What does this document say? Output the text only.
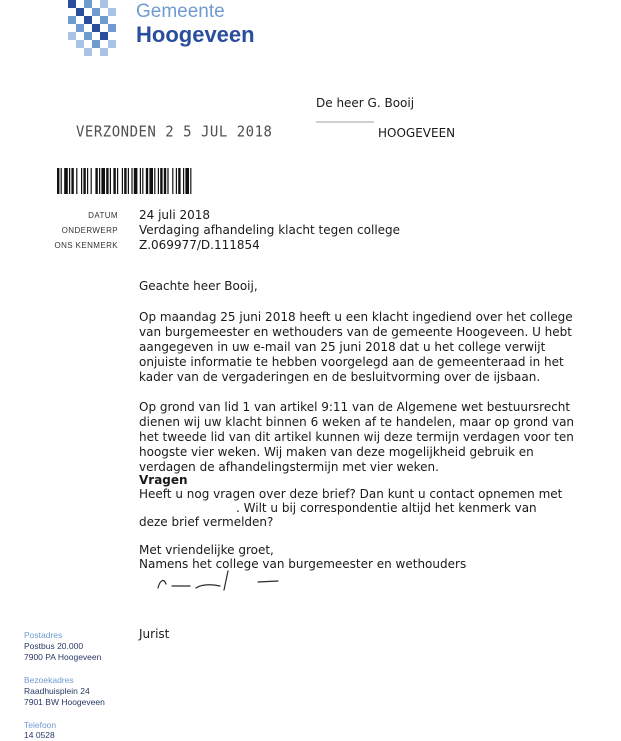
Gemeente
Hoogeveen
De heer G. Booij
HOOGEVEEN
VERZONDEN 2 5 JUL 2018
DATUM 24 juli 2018
ONDERWERP Verdaging afhandeling klacht tegen college
ONS KENMERK Z.069977/D.111854
Geachte heer Booij,
Op maandag 25 juni 2018 heeft u een klacht ingediend over het college
van burgemeester en wethouders van de gemeente Hoogeveen. U hebt
aangegeven in uw e-mail van 25 juni 2018 dat u het college verwijt
onjuiste informatie te hebben voorgelegd aan de gemeenteraad in het
kader van de vergaderingen en de besluitvorming over de ijsbaan.
Op grond van lid 1 van artikel 9:11 van de Algemene wet bestuursrecht
dienen wij uw klacht binnen 6 weken af te handelen, maar op grond van
het tweede lid van dit artikel kunnen wij deze termijn verdagen voor ten
hoogste vier weken. Wij maken van deze mogelijkheid gebruik en
verdagen de afhandelingstermijn met vier weken.
Vragen
Heeft u nog vragen over deze brief? Dan kunt u contact opnemen met
. Wilt u bij correspondentie altijd het kenmerk van
deze brief vermelden?
Met vriendelijke groet,
Namens het college van burgemeester en wethouders
Jurist
Postadres
Postbus 20.000
7900 PA Hoogeveen
Bezoekadres
Raadhuisplein 24
7901 BW Hoogeveen
Telefoon
14 0528
